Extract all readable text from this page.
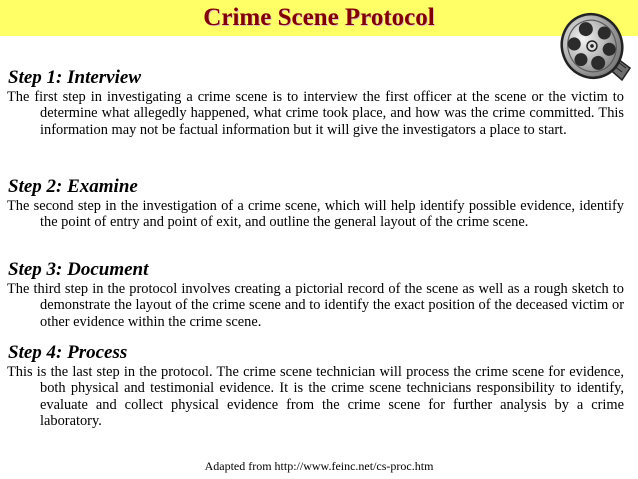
Crime Scene Protocol
Step 1: Interview

The first step in investigating a crime scene is to interview the first officer at the scene or the victim to determine what allegedly happened, what crime took place, and how was the crime committed. This information may not be factual information but it will give the investigators a place to start.

Step 2: Examine

The second step in the investigation of a crime scene, which will help identify possible evidence, identify the point of entry and point of exit, and outline the general layout of the crime scene.

Step 3: Document

The third step in the protocol involves creating a pictorial record of the scene as well as a rough sketch to demonstrate the layout of the crime scene and to identify the exact position of the deceased victim or other evidence within the crime scene.

Step 4: Process

This is the last step in the protocol. The crime scene technician will process the crime scene for evidence, both physical and testimonial evidence. It is the crime scene technicians responsibility to identify, evaluate and collect physical evidence from the crime scene for further analysis by a crime laboratory.

Adapted from http://www.feinc.net/cs-proc.htm
